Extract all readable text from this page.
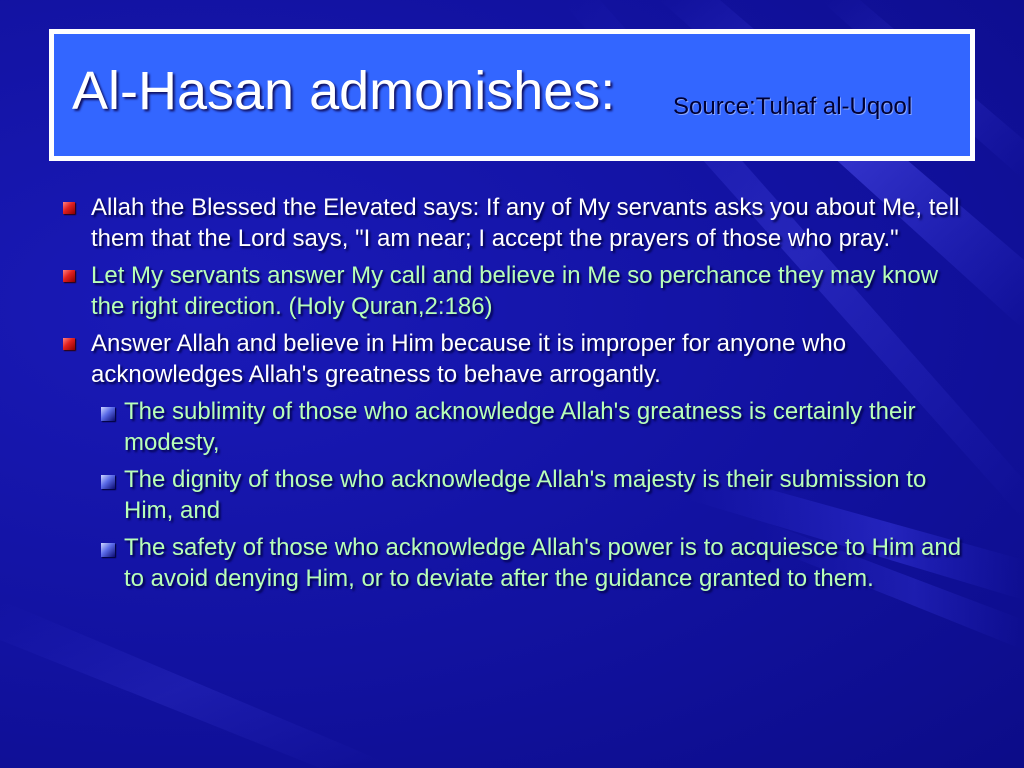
Al-Hasan admonishes: Source:Tuhaf al-Uqool
Allah the Blessed the Elevated says: If any of My servants asks you about Me, tell them that the Lord says, "I am near; I accept the prayers of those who pray."
Let My servants answer My call and believe in Me so perchance they may know the right direction. (Holy Quran,2:186)
Answer Allah and believe in Him because it is improper for anyone who acknowledges Allah's greatness to behave arrogantly.
The sublimity of those who acknowledge Allah's greatness is certainly their modesty,
The dignity of those who acknowledge Allah's majesty is their submission to Him, and
The safety of those who acknowledge Allah's power is to acquiesce to Him and to avoid denying Him, or to deviate after the guidance granted to them.
